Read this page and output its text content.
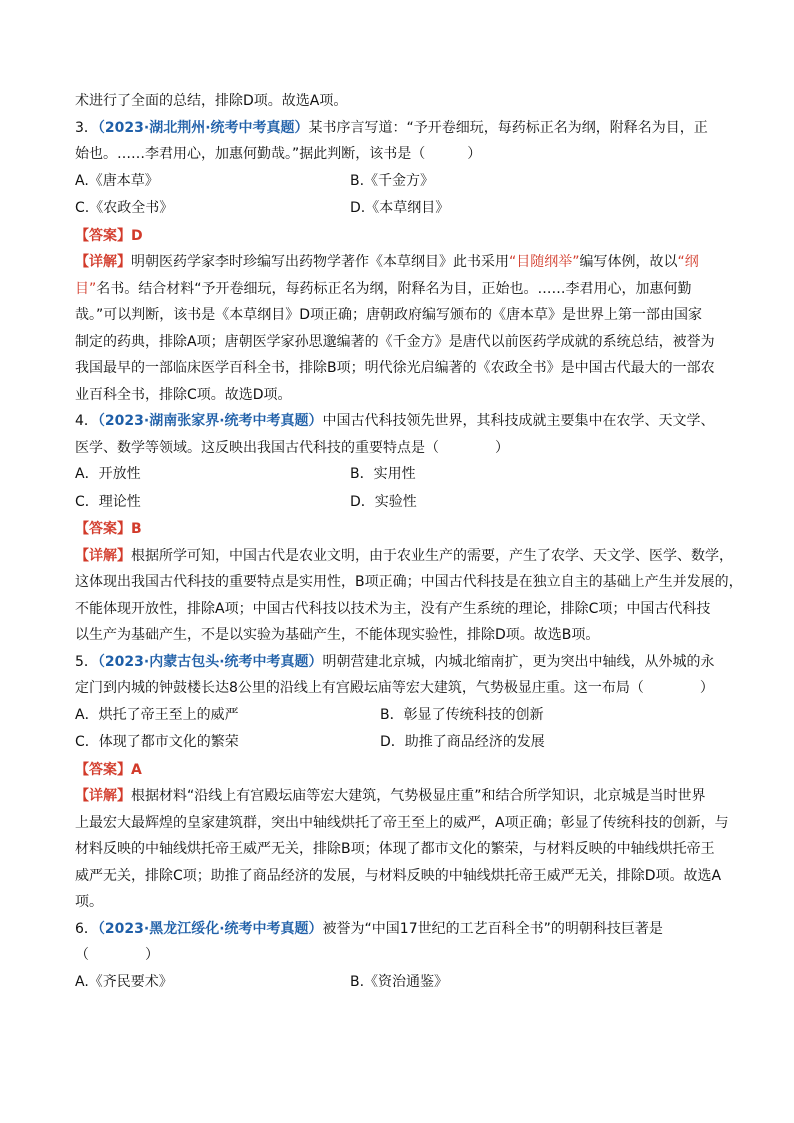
术进行了全面的总结，排除D项。故选A项。
3．（2023·湖北荆州·统考中考真题）某书序言写道：“予开卷细玩，每药标正名为纲，附释名为目，正
始也。……李君用心，加惠何勤哉。”据此判断，该书是（　　　）
A.《唐本草》	B.《千金方》
C.《农政全书》	D.《本草纲目》
【答案】D
【详解】明朝医药学家李时珍编写出药物学著作《本草纲目》此书采用“目随纲举”编写体例，故以“纲
目”名书。结合材料“予开卷细玩，每药标正名为纲，附释名为目，正始也。……李君用心，加惠何勤
哉。”可以判断，该书是《本草纲目》D项正确；唐朝政府编写颁布的《唐本草》是世界上第一部由国家
制定的药典，排除A项；唐朝医学家孙思邈编著的《千金方》是唐代以前医药学成就的系统总结，被誉为
我国最早的一部临床医学百科全书，排除B项；明代徐光启编著的《农政全书》是中国古代最大的一部农
业百科全书，排除C项。故选D项。
4．（2023·湖南张家界·统考中考真题）中国古代科技领先世界，其科技成就主要集中在农学、天文学、
医学、数学等领域。这反映出我国古代科技的重要特点是（　　　　）
A．开放性	B．实用性
C．理论性	D．实验性
【答案】B
【详解】根据所学可知，中国古代是农业文明，由于农业生产的需要，产生了农学、天文学、医学、数学，
这体现出我国古代科技的重要特点是实用性，B项正确；中国古代科技是在独立自主的基础上产生并发展的，
不能体现开放性，排除A项；中国古代科技以技术为主，没有产生系统的理论，排除C项；中国古代科技
以生产为基础产生，不是以实验为基础产生，不能体现实验性，排除D项。故选B项。
5．（2023·内蒙古包头·统考中考真题）明朝营建北京城，内城北缩南扩，更为突出中轴线，从外城的永
定门到内城的钟鼓楼长达8公里的沿线上有宫殿坛庙等宏大建筑，气势极显庄重。这一布局（　　　　）
A．烘托了帝王至上的威严	B．彰显了传统科技的创新
C．体现了都市文化的繁荣	D．助推了商品经济的发展
【答案】A
【详解】根据材料“沿线上有宫殿坛庙等宏大建筑，气势极显庄重”和结合所学知识，北京城是当时世界
上最宏大最辉煌的皇家建筑群，突出中轴线烘托了帝王至上的威严，A项正确；彰显了传统科技的创新，与
材料反映的中轴线烘托帝王威严无关，排除B项；体现了都市文化的繁荣，与材料反映的中轴线烘托帝王
威严无关，排除C项；助推了商品经济的发展，与材料反映的中轴线烘托帝王威严无关，排除D项。故选A
项。
6．（2023·黑龙江绥化·统考中考真题）被誉为“中国17世纪的工艺百科全书”的明朝科技巨著是
（　　　　）
A.《齐民要术》	B.《资治通鉴》
